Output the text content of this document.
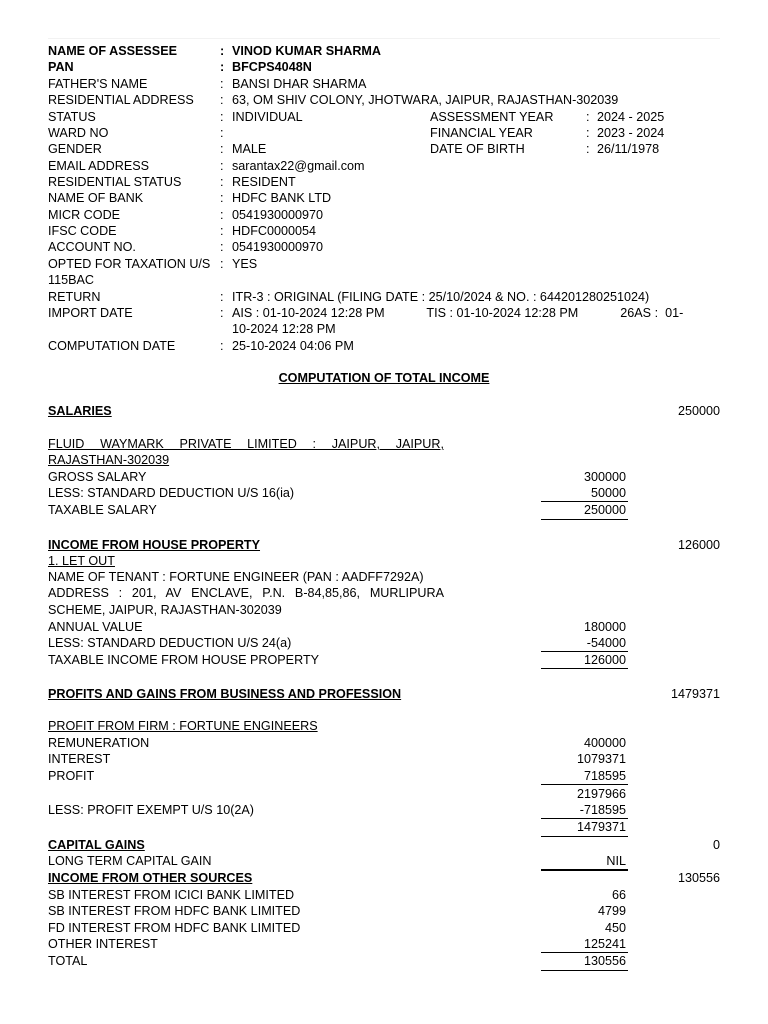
NAME OF ASSESSEE	: VINOD KUMAR SHARMA
PAN	: BFCPS4048N
FATHER'S NAME	: BANSI DHAR SHARMA
RESIDENTIAL ADDRESS : 63, OM SHIV COLONY, JHOTWARA, JAIPUR, RAJASTHAN-302039
STATUS	: INDIVIDUAL	ASSESSMENT YEAR	: 2024 - 2025
WARD NO	:	FINANCIAL YEAR	: 2023 - 2024
GENDER	: MALE	DATE OF BIRTH	: 26/11/1978
EMAIL ADDRESS	: sarantax22@gmail.com
RESIDENTIAL STATUS	: RESIDENT
NAME OF BANK	: HDFC BANK LTD
MICR CODE	: 0541930000970
IFSC CODE	: HDFC0000054
ACCOUNT NO.	: 0541930000970
OPTED FOR TAXATION U/S 115BAC
: YES
RETURN	: ITR-3 : ORIGINAL (FILING DATE : 25/10/2024 & NO. : 644201280251024)
IMPORT DATE	: AIS : 01-10-2024 12:28 PM            TIS : 01-10-2024 12:28 PM            26AS :  01-10-2024 12:28 PM
COMPUTATION DATE	: 25-10-2024 04:06 PM
COMPUTATION OF TOTAL INCOME
SALARIES	250000
FLUID WAYMARK PRIVATE LIMITED : JAIPUR, JAIPUR,
RAJASTHAN-302039
GROSS SALARY	300000
LESS: STANDARD DEDUCTION U/S 16(ia)	50000
TAXABLE SALARY	250000
INCOME FROM HOUSE PROPERTY	126000
1. LET OUT
NAME OF TENANT : FORTUNE ENGINEER (PAN : AADFF7292A)
ADDRESS : 201, AV ENCLAVE, P.N. B-84,85,86, MURLIPURA
SCHEME, JAIPUR, RAJASTHAN-302039
ANNUAL VALUE	180000
LESS: STANDARD DEDUCTION U/S 24(a)	-54000
TAXABLE INCOME FROM HOUSE PROPERTY	126000
PROFITS AND GAINS FROM BUSINESS AND PROFESSION	1479371
PROFIT FROM FIRM : FORTUNE ENGINEERS
REMUNERATION	400000
INTEREST	1079371
PROFIT	718595
2197966
LESS: PROFIT EXEMPT U/S 10(2A)	-718595
1479371
CAPITAL GAINS	0
LONG TERM CAPITAL GAIN	NIL
INCOME FROM OTHER SOURCES	130556
SB INTEREST FROM ICICI BANK LIMITED	66
SB INTEREST FROM HDFC BANK LIMITED	4799
FD INTEREST FROM HDFC BANK LIMITED	450
OTHER INTEREST	125241
TOTAL	130556
